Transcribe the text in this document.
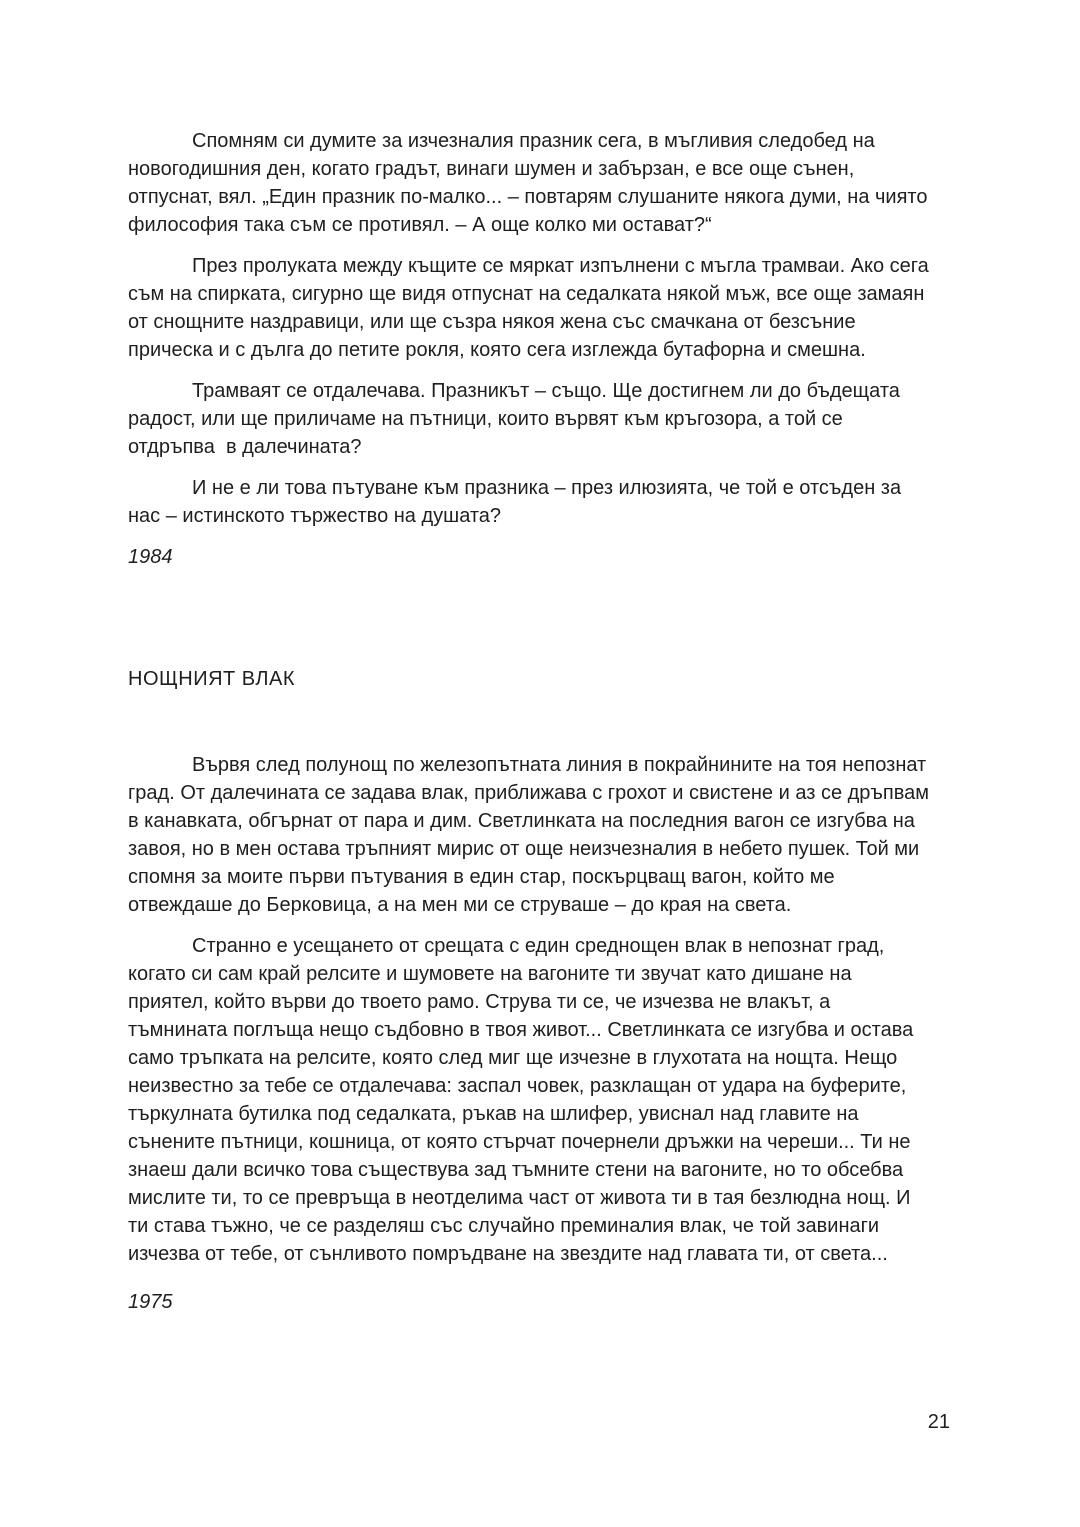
Спомням си думите за изчезналия празник сега, в мъгливия следобед на новогодишния ден, когато градът, винаги шумен и забързан, е все още сънен, отпуснат, вял. „Един празник по-малко... – повтарям слушаните някога думи, на чиято философия така съм се противял. – А още колко ми остават?“

През пролуката между къщите се мяркат изпълнени с мъгла трамваи. Ако сега съм на спирката, сигурно ще видя отпуснат на седалката някой мъж, все още замаян от снощните наздравици, или ще съзра някоя жена със смачкана от безсъние прическа и с дълга до петите рокля, която сега изглежда бутафорна и смешна.

Трамваят се отдалечава. Празникът – също. Ще достигнем ли до бъдещата радост, или ще приличаме на пътници, които вървят към кръгозора, а той се отдръпва  в далечината?

И не е ли това пътуване към празника – през илюзията, че той е отсъден за нас – истинското тържество на душата?

1984

НОЩНИЯТ ВЛАК

Вървя след полунощ по железопътната линия в покрайнините на тоя непознат град. От далечината се задава влак, приближава с грохот и свистене и аз се дръпвам в канавката, обгърнат от пара и дим. Светлинката на последния вагон се изгубва на завоя, но в мен остава тръпният мирис от още неизчезналия в небето пушек. Той ми спомня за моите първи пътувания в един стар, поскърцващ вагон, който ме отвеждаше до Берковица, а на мен ми се струваше – до края на света.

Странно е усещането от срещата с един среднощен влак в непознат град, когато си сам край релсите и шумовете на вагоните ти звучат като дишане на приятел, който върви до твоето рамо. Струва ти се, че изчезва не влакът, а тъмнината поглъща нещо съдбовно в твоя живот... Светлинката се изгубва и остава само тръпката на релсите, която след миг ще изчезне в глухотата на нощта. Нещо неизвестно за тебе се отдалечава: заспал човек, разклащан от удара на буферите, търкулната бутилка под седалката, ръкав на шлифер, увиснал над главите на сънените пътници, кошница, от която стърчат почернели дръжки на череши... Ти не знаеш дали всичко това съществува зад тъмните стени на вагоните, но то обсебва мислите ти, то се превръща в неотделима част от живота ти в тая безлюдна нощ. И ти става тъжно, че се разделяш със случайно преминалия влак, че той завинаги изчезва от тебе, от сънливото помръдване на звездите над главата ти, от света...

1975

21
